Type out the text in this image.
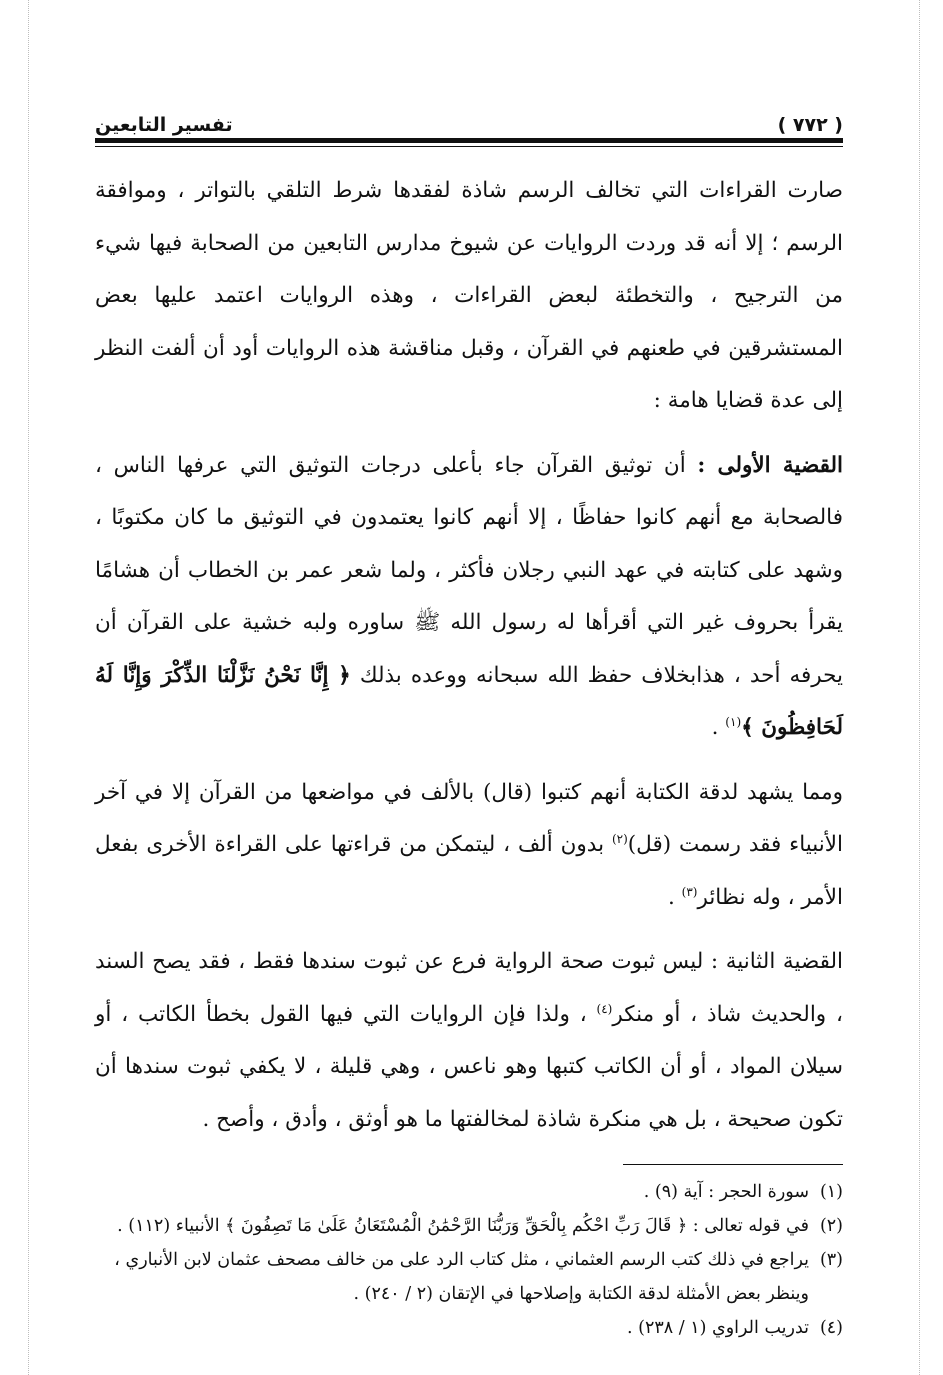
( ٧٧٢ )
تفسير التابعين

صارت القراءات التي تخالف الرسم شاذة لفقدها شرط التلقي بالتواتر ، وموافقة الرسم ؛ إلا أنه قد وردت الروايات عن شيوخ مدارس التابعين من الصحابة فيها شيء من الترجيح ، والتخطئة لبعض القراءات ، وهذه الروايات اعتمد عليها بعض المستشرقين في طعنهم في القرآن ، وقبل مناقشة هذه الروايات أود أن ألفت النظر إلى عدة قضايا هامة :

القضية الأولى : أن توثيق القرآن جاء بأعلى درجات التوثيق التي عرفها الناس ، فالصحابة مع أنهم كانوا حفاظًا ، إلا أنهم كانوا يعتمدون في التوثيق ما كان مكتوبًا ، وشهد على كتابته في عهد النبي رجلان فأكثر ، ولما شعر عمر بن الخطاب أن هشامًا يقرأ بحروف غير التي أقرأها له رسول الله ﷺ ساوره ولبه خشية على القرآن أن يحرفه أحد ، هذابخلاف حفظ الله سبحانه ووعده بذلك ﴿ إِنَّا نَحْنُ نَزَّلْنَا الذِّكْرَ وَإِنَّا لَهُ لَحَافِظُونَ ﴾$^{(١)}$ .

ومما يشهد لدقة الكتابة أنهم كتبوا (قال) بالألف في مواضعها من القرآن إلا في آخر الأنبياء فقد رسمت (قل)$^{(٢)}$ بدون ألف ، ليتمكن من قراءتها على القراءة الأخرى بفعل الأمر ، وله نظائر$^{(٣)}$ .

القضية الثانية : ليس ثبوت صحة الرواية فرع عن ثبوت سندها فقط ، فقد يصح السند ، والحديث شاذ ، أو منكر$^{(٤)}$ ، ولذا فإن الروايات التي فيها القول بخطأ الكاتب ، أو سيلان المواد ، أو أن الكاتب كتبها وهو ناعس ، وهي قليلة ، لا يكفي ثبوت سندها أن تكون صحيحة ، بل هي منكرة شاذة لمخالفتها ما هو أوثق ، وأدق ، وأصح .

(١)
سورة الحجر : آية (٩) .
(٢)
في قوله تعالى : ﴿ قَالَ رَبِّ احْكُم بِالْحَقِّ وَرَبُّنَا الرَّحْمَٰنُ الْمُسْتَعَانُ عَلَىٰ مَا تَصِفُونَ ﴾ الأنبياء (١١٢) .
(٣)
يراجع في ذلك كتب الرسم العثماني ، مثل كتاب الرد على من خالف مصحف عثمان لابن الأنباري ، وينظر بعض الأمثلة لدقة الكتابة وإصلاحها في الإتقان (٢ / ٢٤٠) .
(٤)
تدريب الراوي (١ / ٢٣٨) .
